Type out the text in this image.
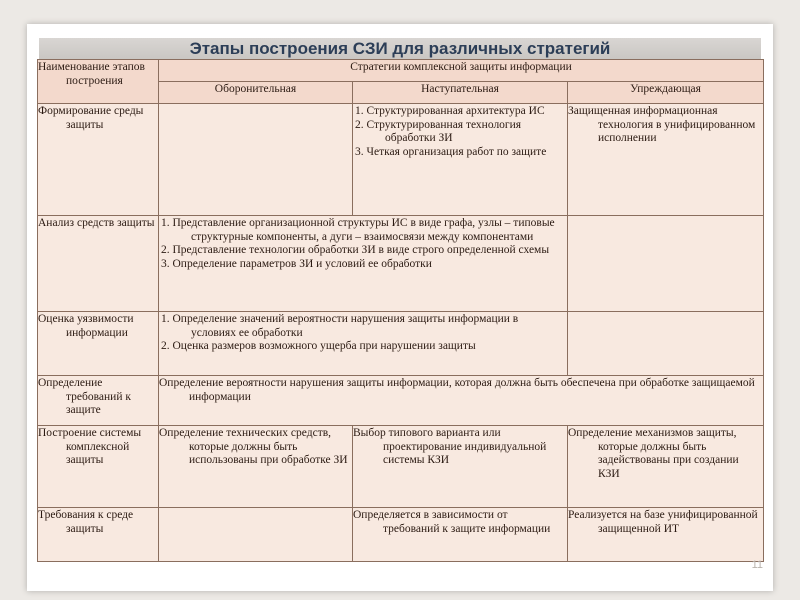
Этапы построения СЗИ для различных стратегий
Наименование этапов построения	Стратегии комплексной защиты информации		
	Оборонительная	Наступательная	Упреждающая
Формирование среды защиты		1. Структурированная архитектура ИС

2. Структурированная технология обработки ЗИ

3. Четкая организация работ по защите	Защищенная информационная технология в унифицированном исполнении
Анализ средств защиты	1. Представление организационной структуры ИС в виде графа, узлы – типовые структурные компоненты, а дуги – взаимосвязи между компонентами

2. Представление технологии обработки ЗИ в виде строго определенной схемы

3. Определение параметров ЗИ и условий ее обработки		

Оценка уязвимости информации	1. Определение значений вероятности нарушения защиты информации в условиях ее обработки

2. Оценка размеров возможного ущерба при нарушении защиты		

Определение требований к защите	Определение вероятности нарушения защиты информации, которая должна быть обеспечена при обработке защищаемой информации		
Построение системы комплексной защиты	Определение технических средств, которые должны быть использованы при обработке ЗИ	Выбор типового варианта или проектирование индивидуальной системы КЗИ	Определение механизмов защиты, которые должны быть задействованы при создании КЗИ
Требования к среде защиты		Определяется в зависимости от требований к защите информации	Реализуется на базе унифицированной защищенной ИТ
11
